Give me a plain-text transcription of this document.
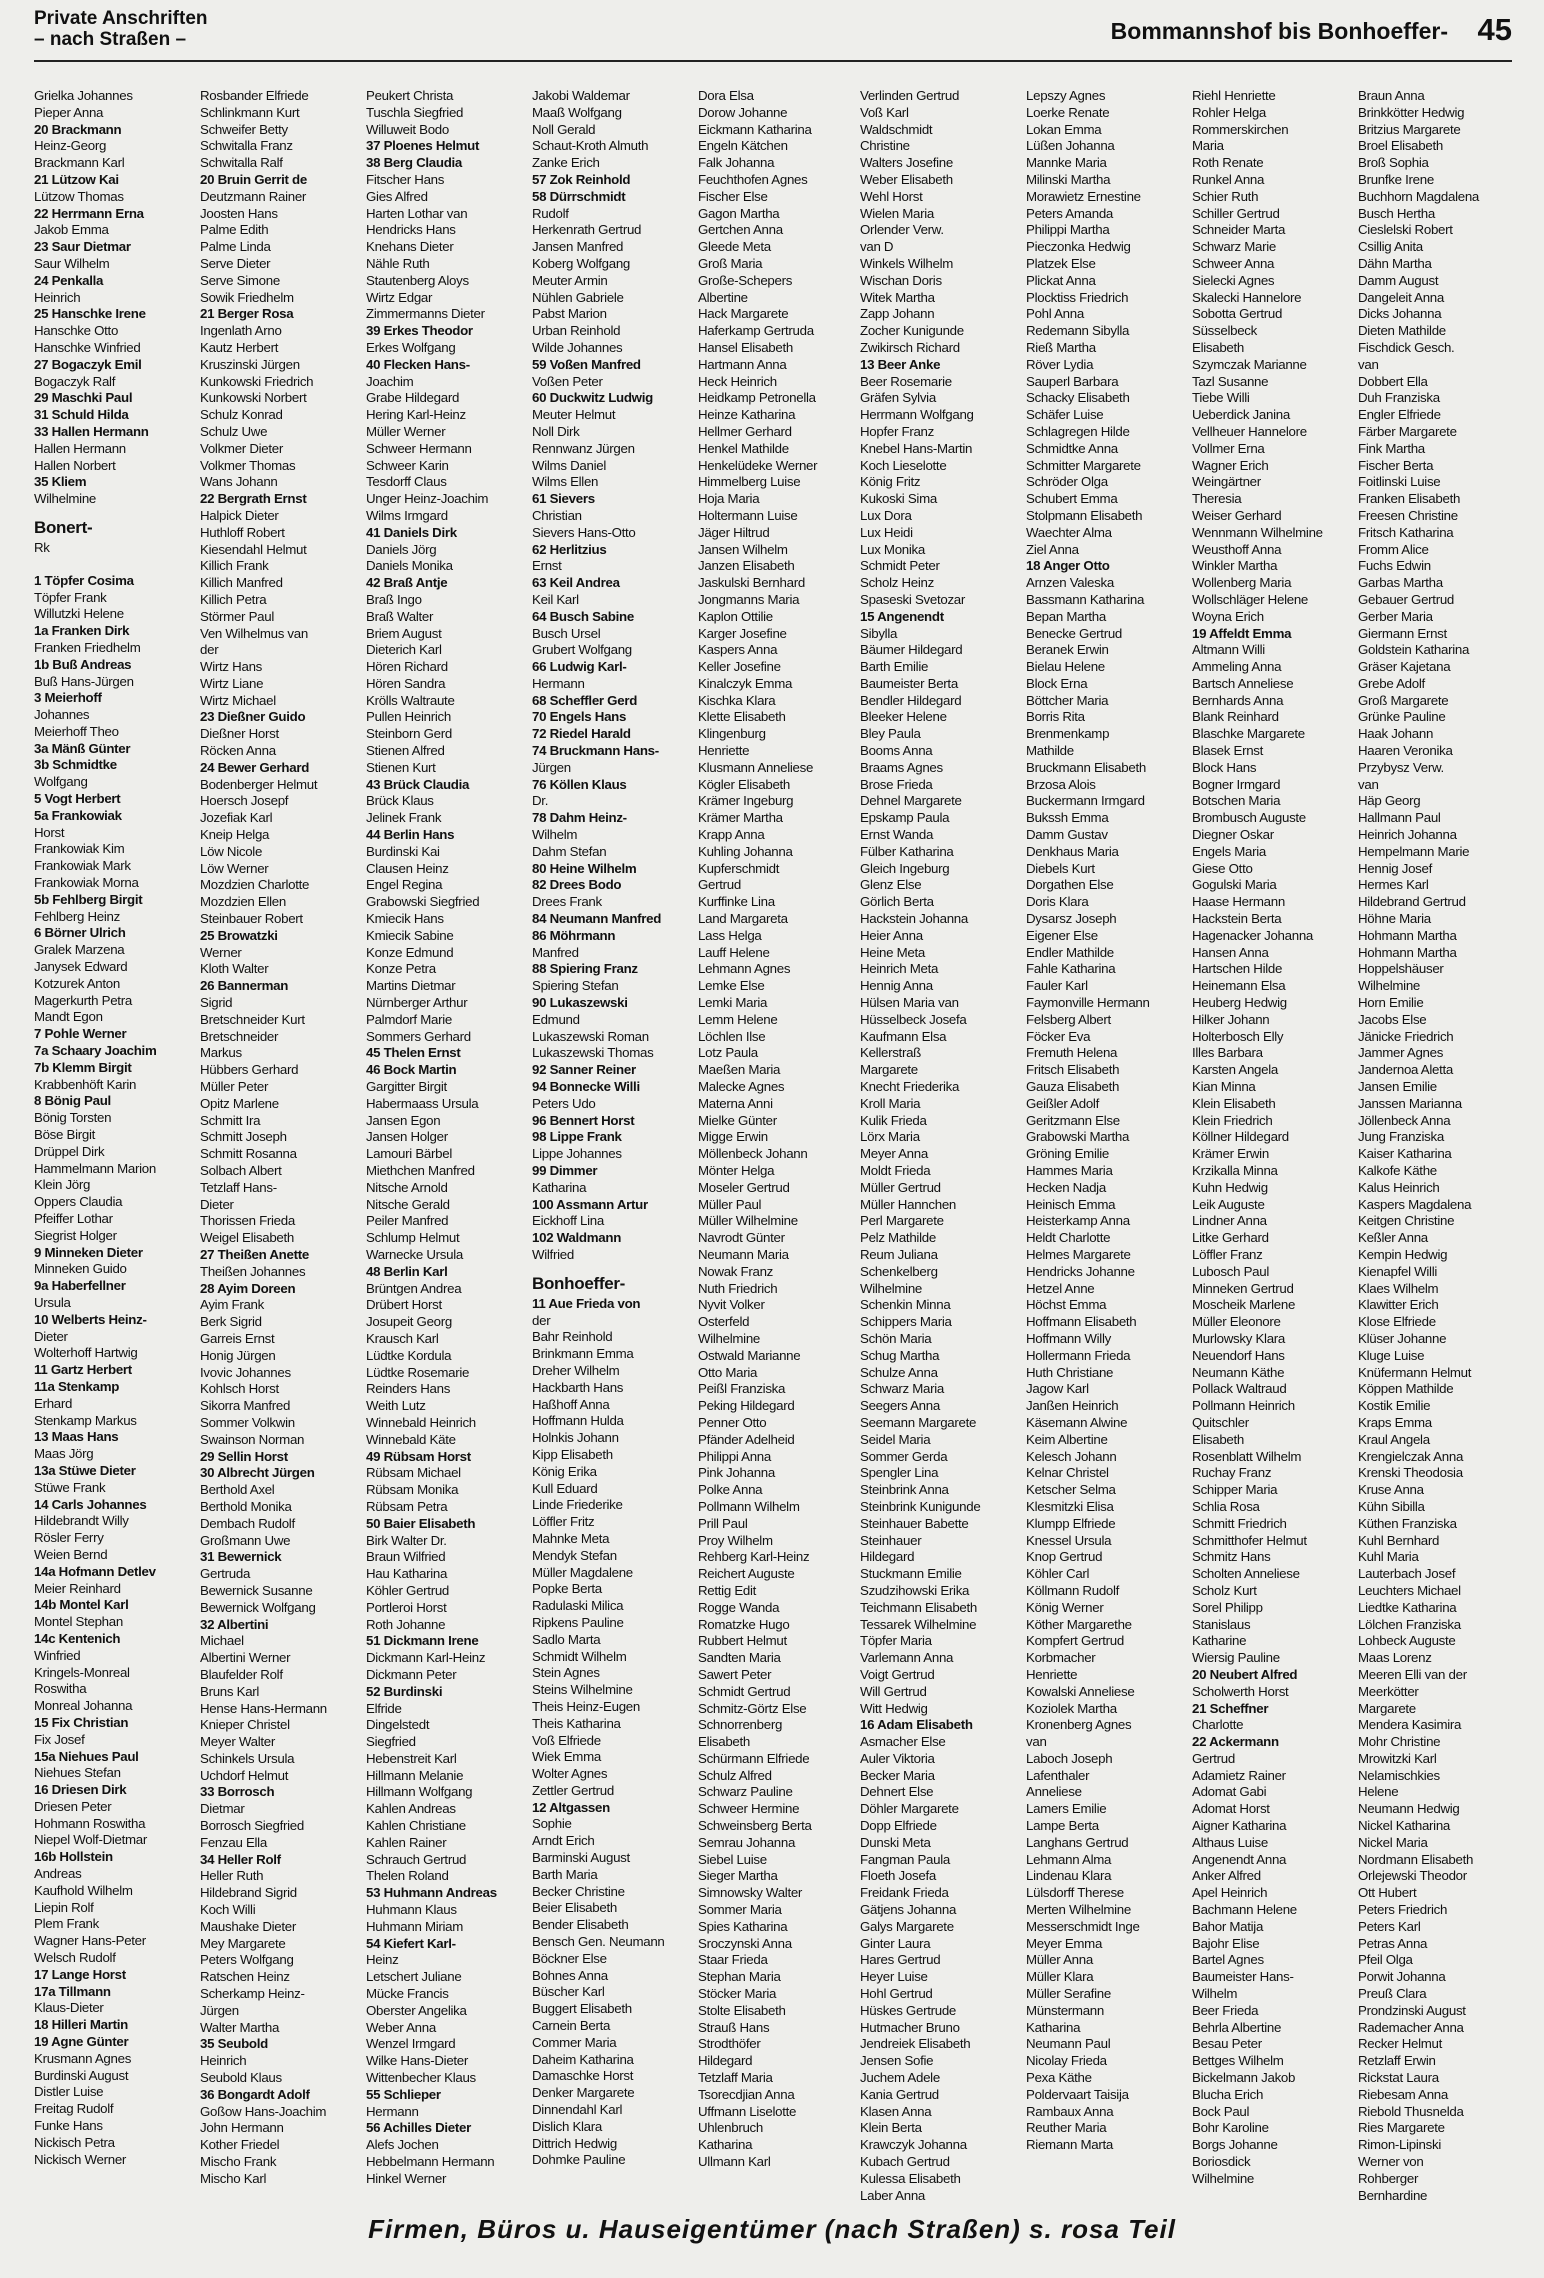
Private Anschriften
– nach Straßen –	Bommannshof bis Bonhoeffer- 45
Grielka Johannes
Pieper Anna
20 Brackmann
Heinz-Georg
Brackmann Karl
21 Lützow Kai
Lützow Thomas
22 Herrmann Erna
Jakob Emma
23 Saur Dietmar
Saur Wilhelm
24 Penkalla
Heinrich
25 Hanschke Irene
Hanschke Otto
Hanschke Winfried
27 Bogaczyk Emil
Bogaczyk Ralf
29 Maschki Paul
31 Schuld Hilda
33 Hallen Hermann
Hallen Hermann
Hallen Norbert
35 Kliem
Wilhelmine
Bonert-
Rk
1 Töpfer Cosima
Töpfer Frank
Willutzki Helene
1a Franken Dirk
Franken Friedhelm
1b Buß Andreas
Buß Hans-Jürgen
3 Meierhoff
Johannes
Meierhoff Theo
3a Mänß Günter
3b Schmidtke
Wolfgang
5 Vogt Herbert
5a Frankowiak
Horst
Frankowiak Kim
Frankowiak Mark
Frankowiak Morna
5b Fehlberg Birgit
Fehlberg Heinz
6 Börner Ulrich
Gralek Marzena
Janysek Edward
Kotzurek Anton
Magerkurth Petra
Mandt Egon
7 Pohle Werner
7a Schaary Joachim
7b Klemm Birgit
Krabbenhöft Karin
8 Bönig Paul
Bönig Torsten
Böse Birgit
Drüppel Dirk
Hammelmann Marion
Klein Jörg
Oppers Claudia
Pfeiffer Lothar
Siegrist Holger
9 Minneken Dieter
Minneken Guido
9a Haberfellner
Ursula
10 Welberts Heinz-
Dieter
Wolterhoff Hartwig
11 Gartz Herbert
11a Stenkamp
Erhard
Stenkamp Markus
13 Maas Hans
Maas Jörg
13a Stüwe Dieter
Stüwe Frank
14 Carls Johannes
Hildebrandt Willy
Rösler Ferry
Weien Bernd
14a Hofmann Detlev
Meier Reinhard
14b Montel Karl
Montel Stephan
14c Kentenich
Winfried
Kringels-Monreal
Roswitha
Monreal Johanna
15 Fix Christian
Fix Josef
15a Niehues Paul
Niehues Stefan
16 Driesen Dirk
Driesen Peter
Hohmann Roswitha
Niepel Wolf-Dietmar
16b Hollstein
Andreas
Kaufhold Wilhelm
Liepin Rolf
Plem Frank
Wagner Hans-Peter
Welsch Rudolf
17 Lange Horst
17a Tillmann
Klaus-Dieter
18 Hilleri Martin
19 Agne Günter
Krusmann Agnes
Burdinski August
Distler Luise
Freitag Rudolf
Funke Hans
Nickisch Petra
Nickisch Werner
Rosbander Elfriede
Schlinkmann Kurt
Schweifer Betty
Schwitalla Franz
Schwitalla Ralf
20 Bruin Gerrit de
Deutzmann Rainer
Joosten Hans
Palme Edith
Palme Linda
Serve Dieter
Serve Simone
Sowik Friedhelm
21 Berger Rosa
Ingenlath Arno
Kautz Herbert
Kruszinski Jürgen
Kunkowski Friedrich
Kunkowski Norbert
Schulz Konrad
Schulz Uwe
Volkmer Dieter
Volkmer Thomas
Wans Johann
22 Bergrath Ernst
Halpick Dieter
Huthloff Robert
Kiesendahl Helmut
Killich Frank
Killich Manfred
Killich Petra
Störmer Paul
Ven Wilhelmus van
der
Wirtz Hans
Wirtz Liane
Wirtz Michael
23 Dießner Guido
Dießner Horst
Röcken Anna
24 Bewer Gerhard
Bodenberger Helmut
Hoersch Josepf
Jozefiak Karl
Kneip Helga
Löw Nicole
Löw Werner
Mozdzien Charlotte
Mozdzien Ellen
Steinbauer Robert
25 Browatzki
Werner
Kloth Walter
26 Bannerman
Sigrid
Bretschneider Kurt
Bretschneider
Markus
Hübbers Gerhard
Müller Peter
Opitz Marlene
Schmitt Ira
Schmitt Joseph
Schmitt Rosanna
Solbach Albert
Tetzlaff Hans-
Dieter
Thorissen Frieda
Weigel Elisabeth
27 Theißen Anette
Theißen Johannes
28 Ayim Doreen
Ayim Frank
Berk Sigrid
Garreis Ernst
Honig Jürgen
Ivovic Johannes
Kohlsch Horst
Sikorra Manfred
Sommer Volkwin
Swainson Norman
29 Sellin Horst
30 Albrecht Jürgen
Berthold Axel
Berthold Monika
Dembach Rudolf
Großmann Uwe
31 Bewernick
Gertruda
Bewernick Susanne
Bewernick Wolfgang
32 Albertini
Michael
Albertini Werner
Blaufelder Rolf
Bruns Karl
Hense Hans-Hermann
Knieper Christel
Meyer Walter
Schinkels Ursula
Uchdorf Helmut
33 Borrosch
Dietmar
Borrosch Siegfried
Fenzau Ella
34 Heller Rolf
Heller Ruth
Hildebrand Sigrid
Koch Willi
Maushake Dieter
Mey Margarete
Peters Wolfgang
Ratschen Heinz
Scherkamp Heinz-
Jürgen
Walter Martha
35 Seubold
Heinrich
Seubold Klaus
36 Bongardt Adolf
Goßow Hans-Joachim
John Hermann
Kother Friedel
Mischo Frank
Mischo Karl
Peukert Christa
Tuschla Siegfried
Willuweit Bodo
37 Ploenes Helmut
38 Berg Claudia
Fitscher Hans
Gies Alfred
Harten Lothar van
Hendricks Hans
Knehans Dieter
Nähle Ruth
Stautenberg Aloys
Wirtz Edgar
Zimmermanns Dieter
39 Erkes Theodor
Erkes Wolfgang
40 Flecken Hans-
Joachim
Grabe Hildegard
Hering Karl-Heinz
Müller Werner
Schweer Hermann
Schweer Karin
Tesdorff Claus
Unger Heinz-Joachim
Wilms Irmgard
41 Daniels Dirk
Daniels Jörg
Daniels Monika
42 Braß Antje
Braß Ingo
Braß Walter
Briem August
Dieterich Karl
Hören Richard
Hören Sandra
Krölls Waltraute
Pullen Heinrich
Steinborn Gerd
Stienen Alfred
Stienen Kurt
43 Brück Claudia
Brück Klaus
Jelinek Frank
44 Berlin Hans
Burdinski Kai
Clausen Heinz
Engel Regina
Grabowski Siegfried
Kmiecik Hans
Kmiecik Sabine
Konze Edmund
Konze Petra
Martins Dietmar
Nürnberger Arthur
Palmdorf Marie
Sommers Gerhard
45 Thelen Ernst
46 Bock Martin
Gargitter Birgit
Habermaass Ursula
Jansen Egon
Jansen Holger
Lamouri Bärbel
Miethchen Manfred
Nitsche Arnold
Nitsche Gerald
Peiler Manfred
Schlump Helmut
Warnecke Ursula
48 Berlin Karl
Brüntgen Andrea
Drübert Horst
Josupeit Georg
Krausch Karl
Lüdtke Kordula
Lüdtke Rosemarie
Reinders Hans
Weith Lutz
Winnebald Heinrich
Winnebald Käte
49 Rübsam Horst
Rübsam Michael
Rübsam Monika
Rübsam Petra
50 Baier Elisabeth
Birk Walter Dr.
Braun Wilfried
Hau Katharina
Köhler Gertrud
Portleroi Horst
Roth Johanne
51 Dickmann Irene
Dickmann Karl-Heinz
Dickmann Peter
52 Burdinski
Elfride
Dingelstedt
Siegfried
Hebenstreit Karl
Hillmann Melanie
Hillmann Wolfgang
Kahlen Andreas
Kahlen Christiane
Kahlen Rainer
Schrauch Gertrud
Thelen Roland
53 Huhmann Andreas
Huhmann Klaus
Huhmann Miriam
54 Kiefert Karl-
Heinz
Letschert Juliane
Mücke Francis
Oberster Angelika
Weber Anna
Wenzel Irmgard
Wilke Hans-Dieter
Wittenbecher Klaus
55 Schlieper
Hermann
56 Achilles Dieter
Alefs Jochen
Hebbelmann Hermann
Hinkel Werner
Jakobi Waldemar
Maaß Wolfgang
Noll Gerald
Schaut-Kroth Almuth
Zanke Erich
57 Zok Reinhold
58 Dürrschmidt
Rudolf
Herkenrath Gertrud
Jansen Manfred
Koberg Wolfgang
Meuter Armin
Nühlen Gabriele
Pabst Marion
Urban Reinhold
Wilde Johannes
59 Voßen Manfred
Voßen Peter
60 Duckwitz Ludwig
Meuter Helmut
Noll Dirk
Rennwanz Jürgen
Wilms Daniel
Wilms Ellen
61 Sievers
Christian
Sievers Hans-Otto
62 Herlitzius
Ernst
63 Keil Andrea
Keil Karl
64 Busch Sabine
Busch Ursel
Grubert Wolfgang
66 Ludwig Karl-
Hermann
68 Scheffler Gerd
70 Engels Hans
72 Riedel Harald
74 Bruckmann Hans-
Jürgen
76 Köllen Klaus
Dr.
78 Dahm Heinz-
Wilhelm
Dahm Stefan
80 Heine Wilhelm
82 Drees Bodo
Drees Frank
84 Neumann Manfred
86 Möhrmann
Manfred
88 Spiering Franz
Spiering Stefan
90 Lukaszewski
Edmund
Lukaszewski Roman
Lukaszewski Thomas
92 Sanner Reiner
94 Bonnecke Willi
Peters Udo
96 Bennert Horst
98 Lippe Frank
Lippe Johannes
99 Dimmer
Katharina
100 Assmann Artur
Eickhoff Lina
102 Waldmann
Wilfried
Bonhoeffer-
11 Aue Frieda von
der
Bahr Reinhold
Brinkmann Emma
Dreher Wilhelm
Hackbarth Hans
Haßhoff Anna
Hoffmann Hulda
Holnkis Johann
Kipp Elisabeth
König Erika
Kull Eduard
Linde Friederike
Löffler Fritz
Mahnke Meta
Mendyk Stefan
Müller Magdalene
Popke Berta
Radulaski Milica
Ripkens Pauline
Sadlo Marta
Schmidt Wilhelm
Stein Agnes
Steins Wilhelmine
Theis Heinz-Eugen
Theis Katharina
Voß Elfriede
Wiek Emma
Wolter Agnes
Zettler Gertrud
12 Altgassen
Sophie
Arndt Erich
Barminski August
Barth Maria
Becker Christine
Beier Elisabeth
Bender Elisabeth
Bensch Gen. Neumann
Böckner Else
Bohnes Anna
Büscher Karl
Buggert Elisabeth
Carnein Berta
Commer Maria
Daheim Katharina
Damaschke Horst
Denker Margarete
Dinnendahl Karl
Dislich Klara
Dittrich Hedwig
Dohmke Pauline
Dora Elsa
Dorow Johanne
Eickmann Katharina
Engeln Kätchen
Falk Johanna
Feuchthofen Agnes
Fischer Else
Gagon Martha
Gertchen Anna
Gleede Meta
Groß Maria
Große-Schepers
Albertine
Hack Margarete
Haferkamp Gertruda
Hansel Elisabeth
Hartmann Anna
Heck Heinrich
Heidkamp Petronella
Heinze Katharina
Hellmer Gerhard
Henkel Mathilde
Henkelüdeke Werner
Himmelberg Luise
Hoja Maria
Holtermann Luise
Jäger Hiltrud
Jansen Wilhelm
Janzen Elisabeth
Jaskulski Bernhard
Jongmanns Maria
Kaplon Ottilie
Karger Josefine
Kaspers Anna
Keller Josefine
Kinalczyk Emma
Kischka Klara
Klette Elisabeth
Klingenburg
Henriette
Klusmann Anneliese
Kögler Elisabeth
Krämer Ingeburg
Krämer Martha
Krapp Anna
Kuhling Johanna
Kupferschmidt
Gertrud
Kurffinke Lina
Land Margareta
Lass Helga
Lauff Helene
Lehmann Agnes
Lemke Else
Lemki Maria
Lemm Helene
Löchlen Ilse
Lotz Paula
Maeßen Maria
Malecke Agnes
Materna Anni
Mielke Günter
Migge Erwin
Möllenbeck Johann
Mönter Helga
Moseler Gertrud
Müller Paul
Müller Wilhelmine
Navrodt Günter
Neumann Maria
Nowak Franz
Nuth Friedrich
Nyvit Volker
Osterfeld
Wilhelmine
Ostwald Marianne
Otto Maria
Peißl Franziska
Peking Hildegard
Penner Otto
Pfänder Adelheid
Philippi Anna
Pink Johanna
Polke Anna
Pollmann Wilhelm
Prill Paul
Proy Wilhelm
Rehberg Karl-Heinz
Reichert Auguste
Rettig Edit
Rogge Wanda
Romatzke Hugo
Rubbert Helmut
Sandten Maria
Sawert Peter
Schmidt Gertrud
Schmitz-Görtz Else
Schnorrenberg
Elisabeth
Schürmann Elfriede
Schulz Alfred
Schwarz Pauline
Schweer Hermine
Schweinsberg Berta
Semrau Johanna
Siebel Luise
Sieger Martha
Simnowsky Walter
Sommer Maria
Spies Katharina
Sroczynski Anna
Staar Frieda
Stephan Maria
Stöcker Maria
Stolte Elisabeth
Strauß Hans
Strodthöfer
Hildegard
Tetzlaff Maria
Tsorecdjian Anna
Uffmann Liselotte
Uhlenbruch
Katharina
Ullmann Karl
Verlinden Gertrud
Voß Karl
Waldschmidt
Christine
Walters Josefine
Weber Elisabeth
Wehl Horst
Wielen Maria
Orlender Verw.
van D
Winkels Wilhelm
Wischan Doris
Witek Martha
Zapp Johann
Zocher Kunigunde
Zwikirsch Richard
13 Beer Anke
Beer Rosemarie
Gräfen Sylvia
Herrmann Wolfgang
Hopfer Franz
Knebel Hans-Martin
Koch Lieselotte
König Fritz
Kukoski Sima
Lux Dora
Lux Heidi
Lux Monika
Schmidt Peter
Scholz Heinz
Spaseski Svetozar
15 Angenendt
Sibylla
Bäumer Hildegard
Barth Emilie
Baumeister Berta
Bendler Hildegard
Bleeker Helene
Bley Paula
Booms Anna
Braams Agnes
Brose Frieda
Dehnel Margarete
Epskamp Paula
Ernst Wanda
Fülber Katharina
Gleich Ingeburg
Glenz Else
Görlich Berta
Hackstein Johanna
Heier Anna
Heine Meta
Heinrich Meta
Hennig Anna
Hülsen Maria van
Hüsselbeck Josefa
Kaufmann Elsa
Kellerstraß
Margarete
Knecht Friederika
Kroll Maria
Kulik Frieda
Lörx Maria
Meyer Anna
Moldt Frieda
Müller Gertrud
Müller Hannchen
Perl Margarete
Pelz Mathilde
Reum Juliana
Schenkelberg
Wilhelmine
Schenkin Minna
Schippers Maria
Schön Maria
Schug Martha
Schulze Anna
Schwarz Maria
Seegers Anna
Seemann Margarete
Seidel Maria
Sommer Gerda
Spengler Lina
Steinbrink Anna
Steinbrink Kunigunde
Steinhauer Babette
Steinhauer
Hildegard
Stuckmann Emilie
Szudzihowski Erika
Teichmann Elisabeth
Tessarek Wilhelmine
Töpfer Maria
Varlemann Anna
Voigt Gertrud
Will Gertrud
Witt Hedwig
16 Adam Elisabeth
Asmacher Else
Auler Viktoria
Becker Maria
Dehnert Else
Döhler Margarete
Dopp Elfriede
Dunski Meta
Fangman Paula
Floeth Josefa
Freidank Frieda
Gätjens Johanna
Galys Margarete
Ginter Laura
Hares Gertrud
Heyer Luise
Hohl Gertrud
Hüskes Gertrude
Hutmacher Bruno
Jendreiek Elisabeth
Jensen Sofie
Juchem Adele
Kania Gertrud
Klasen Anna
Klein Berta
Krawczyk Johanna
Kubach Gertrud
Kulessa Elisabeth
Laber Anna
Lepszy Agnes
Loerke Renate
Lokan Emma
Lüßen Johanna
Mannke Maria
Milinski Martha
Morawietz Ernestine
Peters Amanda
Philippi Martha
Pieczonka Hedwig
Platzek Else
Plickat Anna
Plocktiss Friedrich
Pohl Anna
Redemann Sibylla
Rieß Martha
Röver Lydia
Sauperl Barbara
Schacky Elisabeth
Schäfer Luise
Schlagregen Hilde
Schmidtke Anna
Schmitter Margarete
Schröder Olga
Schubert Emma
Stolpmann Elisabeth
Waechter Alma
Ziel Anna
18 Anger Otto
Arnzen Valeska
Bassmann Katharina
Bepan Martha
Benecke Gertrud
Beranek Erwin
Bielau Helene
Block Erna
Böttcher Maria
Borris Rita
Brenmenkamp
Mathilde
Bruckmann Elisabeth
Brzosa Alois
Buckermann Irmgard
Bukssh Emma
Damm Gustav
Denkhaus Maria
Diebels Kurt
Dorgathen Else
Doris Klara
Dysarsz Joseph
Eigener Else
Endler Mathilde
Fahle Katharina
Fauler Karl
Faymonville Hermann
Felsberg Albert
Föcker Eva
Fremuth Helena
Fritsch Elisabeth
Gauza Elisabeth
Geißler Adolf
Geritzmann Else
Grabowski Martha
Gröning Emilie
Hammes Maria
Hecken Nadja
Heinisch Emma
Heisterkamp Anna
Heldt Charlotte
Helmes Margarete
Hendricks Johanne
Hetzel Anne
Höchst Emma
Hoffmann Elisabeth
Hoffmann Willy
Hollermann Frieda
Huth Christiane
Jagow Karl
Janßen Heinrich
Käsemann Alwine
Keim Albertine
Kelesch Johann
Kelnar Christel
Ketscher Selma
Klesmitzki Elisa
Klumpp Elfriede
Knessel Ursula
Knop Gertrud
Köhler Carl
Köllmann Rudolf
König Werner
Köther Margarethe
Kompfert Gertrud
Korbmacher
Henriette
Kowalski Anneliese
Koziolek Martha
Kronenberg Agnes
van
Laboch Joseph
Lafenthaler
Anneliese
Lamers Emilie
Lampe Berta
Langhans Gertrud
Lehmann Alma
Lindenau Klara
Lülsdorff Therese
Merten Wilhelmine
Messerschmidt Inge
Meyer Emma
Müller Anna
Müller Klara
Müller Serafine
Münstermann
Katharina
Neumann Paul
Nicolay Frieda
Pexa Käthe
Poldervaart Taisija
Rambaux Anna
Reuther Maria
Riemann Marta
Riehl Henriette
Rohler Helga
Rommerskirchen
Maria
Roth Renate
Runkel Anna
Schier Ruth
Schiller Gertrud
Schneider Marta
Schwarz Marie
Schweer Anna
Sielecki Agnes
Skalecki Hannelore
Sobotta Gertrud
Süsselbeck
Elisabeth
Szymczak Marianne
Tazl Susanne
Tiebe Willi
Ueberdick Janina
Vellheuer Hannelore
Vollmer Erna
Wagner Erich
Weingärtner
Theresia
Weiser Gerhard
Wennmann Wilhelmine
Weusthoff Anna
Winkler Martha
Wollenberg Maria
Wollschläger Helene
Woyna Erich
19 Affeldt Emma
Altmann Willi
Ammeling Anna
Bartsch Anneliese
Bernhards Anna
Blank Reinhard
Blaschke Margarete
Blasek Ernst
Block Hans
Bogner Irmgard
Botschen Maria
Brombusch Auguste
Diegner Oskar
Engels Maria
Giese Otto
Gogulski Maria
Haase Hermann
Hackstein Berta
Hagenacker Johanna
Hansen Anna
Hartschen Hilde
Heinemann Elsa
Heuberg Hedwig
Hilker Johann
Holterbosch Elly
Illes Barbara
Karsten Angela
Kian Minna
Klein Elisabeth
Klein Friedrich
Köllner Hildegard
Krämer Erwin
Krzikalla Minna
Kuhn Hedwig
Leik Auguste
Lindner Anna
Litke Gerhard
Löffler Franz
Lubosch Paul
Minneken Gertrud
Moscheik Marlene
Müller Eleonore
Murlowsky Klara
Neuendorf Hans
Neumann Käthe
Pollack Waltraud
Pollmann Heinrich
Quitschler
Elisabeth
Rosenblatt Wilhelm
Ruchay Franz
Schipper Maria
Schlia Rosa
Schmitt Friedrich
Schmitthofer Helmut
Schmitz Hans
Scholten Anneliese
Scholz Kurt
Sorel Philipp
Stanislaus
Katharine
Wiersig Pauline
20 Neubert Alfred
Scholwerth Horst
21 Scheffner
Charlotte
22 Ackermann
Gertrud
Adamietz Rainer
Adomat Gabi
Adomat Horst
Aigner Katharina
Althaus Luise
Angenendt Anna
Anker Alfred
Apel Heinrich
Bachmann Helene
Bahor Matija
Bajohr Elise
Bartel Agnes
Baumeister Hans-
Wilhelm
Beer Frieda
Behrla Albertine
Besau Peter
Bettges Wilhelm
Bickelmann Jakob
Blucha Erich
Bock Paul
Bohr Karoline
Borgs Johanne
Boriosdick
Wilhelmine
Braun Anna
Brinkkötter Hedwig
Britzius Margarete
Broel Elisabeth
Broß Sophia
Brunfke Irene
Buchhorn Magdalena
Busch Hertha
Cieslelski Robert
Csillig Anita
Dähn Martha
Damm August
Dangeleit Anna
Dicks Johanna
Dieten Mathilde
Fischdick Gesch.
van
Dobbert Ella
Duh Franziska
Engler Elfriede
Färber Margarete
Fink Martha
Fischer Berta
Foitlinski Luise
Franken Elisabeth
Freesen Christine
Fritsch Katharina
Fromm Alice
Fuchs Edwin
Garbas Martha
Gebauer Gertrud
Gerber Maria
Giermann Ernst
Goldstein Katharina
Gräser Kajetana
Grebe Adolf
Groß Margarete
Grünke Pauline
Haak Johann
Haaren Veronika
Przybysz Verw.
van
Häp Georg
Hallmann Paul
Heinrich Johanna
Hempelmann Marie
Hennig Josef
Hermes Karl
Hildebrand Gertrud
Höhne Maria
Hohmann Martha
Hohmann Martha
Hoppelshäuser
Wilhelmine
Horn Emilie
Jacobs Else
Jänicke Friedrich
Jammer Agnes
Jandernoa Aletta
Jansen Emilie
Janssen Marianna
Jöllenbeck Anna
Jung Franziska
Kaiser Katharina
Kalkofe Käthe
Kalus Heinrich
Kaspers Magdalena
Keitgen Christine
Keßler Anna
Kempin Hedwig
Kienapfel Willi
Klaes Wilhelm
Klawitter Erich
Klose Elfriede
Klüser Johanne
Kluge Luise
Knüfermann Helmut
Köppen Mathilde
Kostik Emilie
Kraps Emma
Kraul Angela
Krengielczak Anna
Krenski Theodosia
Kruse Anna
Kühn Sibilla
Küthen Franziska
Kuhl Bernhard
Kuhl Maria
Lauterbach Josef
Leuchters Michael
Liedtke Katharina
Lölchen Franziska
Lohbeck Auguste
Maas Lorenz
Meeren Elli van der
Meerkötter
Margarete
Mendera Kasimira
Mohr Christine
Mrowitzki Karl
Nelamischkies
Helene
Neumann Hedwig
Nickel Katharina
Nickel Maria
Nordmann Elisabeth
Orlejewski Theodor
Ott Hubert
Peters Friedrich
Peters Karl
Petras Anna
Pfeil Olga
Porwit Johanna
Preuß Clara
Prondzinski August
Rademacher Anna
Recker Helmut
Retzlaff Erwin
Rickstat Laura
Riebesam Anna
Riebold Thusnelda
Ries Margarete
Rimon-Lipinski
Werner von
Rohberger
Bernhardine
Firmen, Büros u. Hauseigentümer (nach Straßen) s. rosa Teil
